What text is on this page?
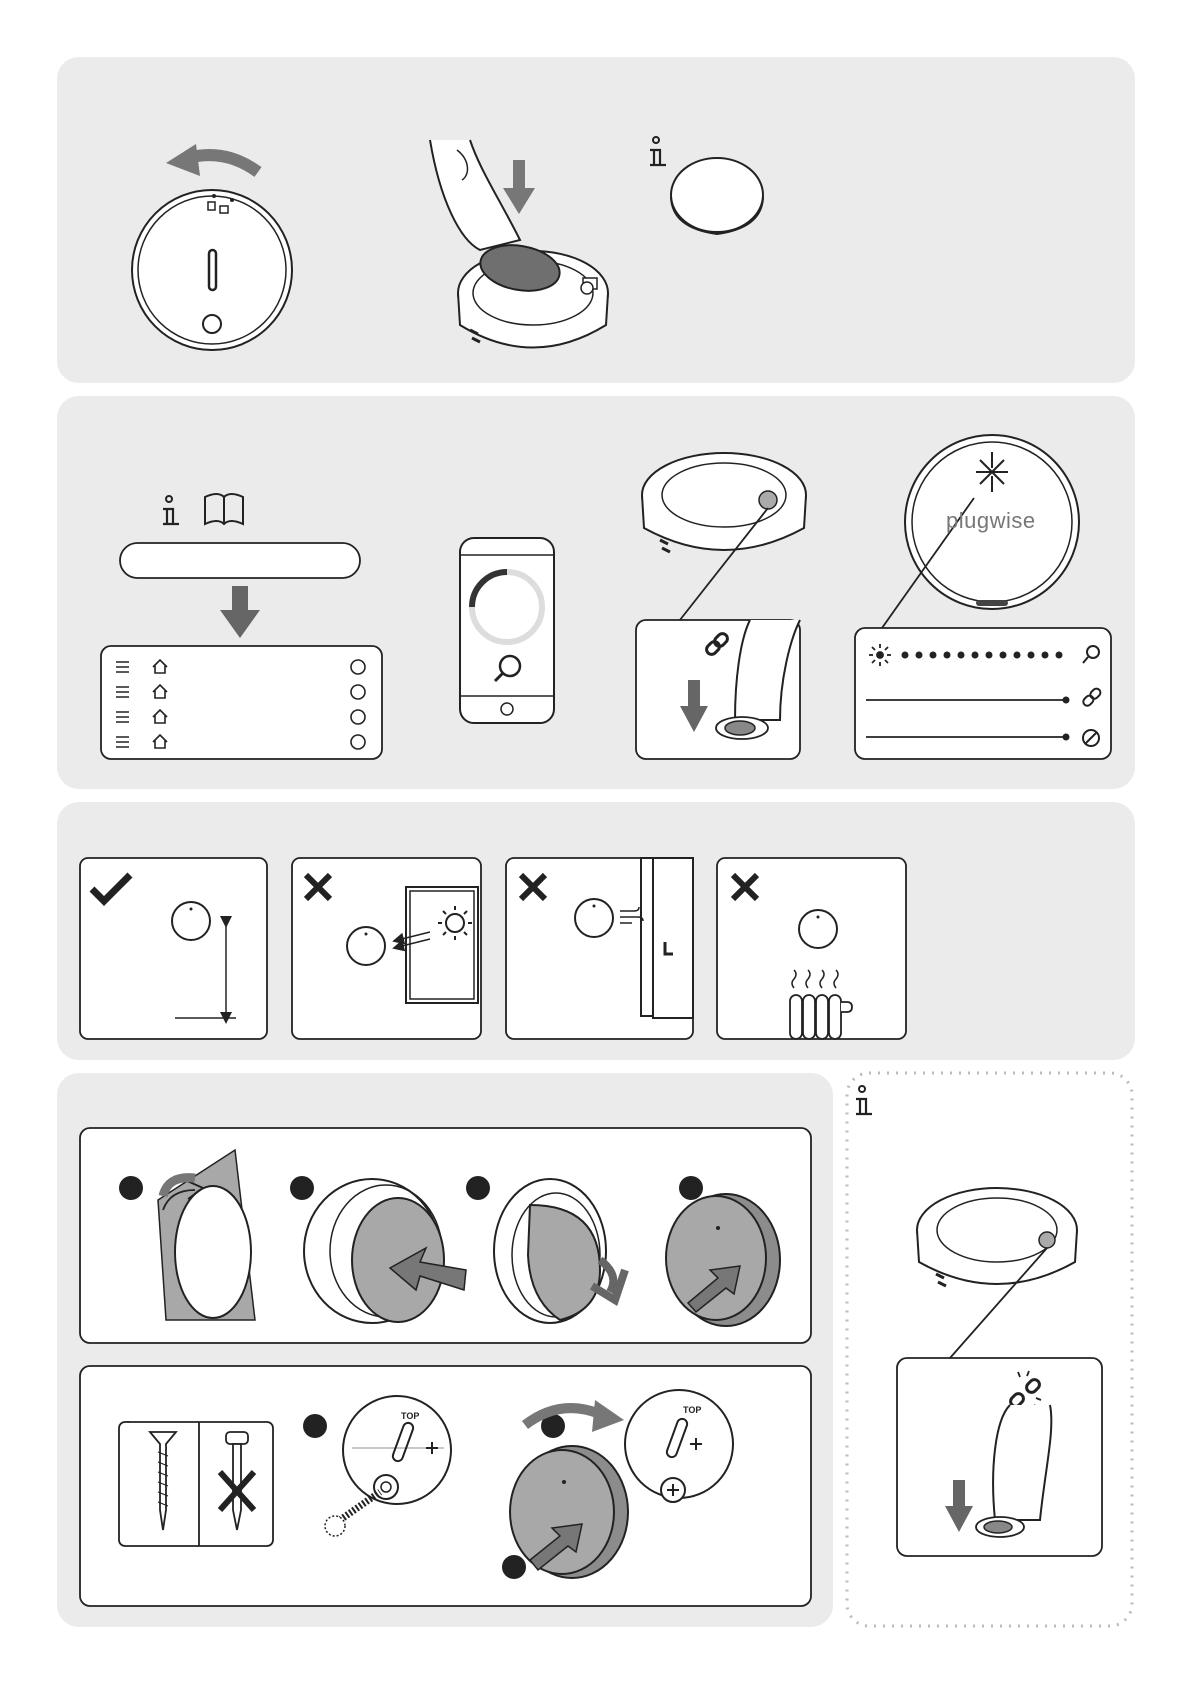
plugwise
TOP
TOP
